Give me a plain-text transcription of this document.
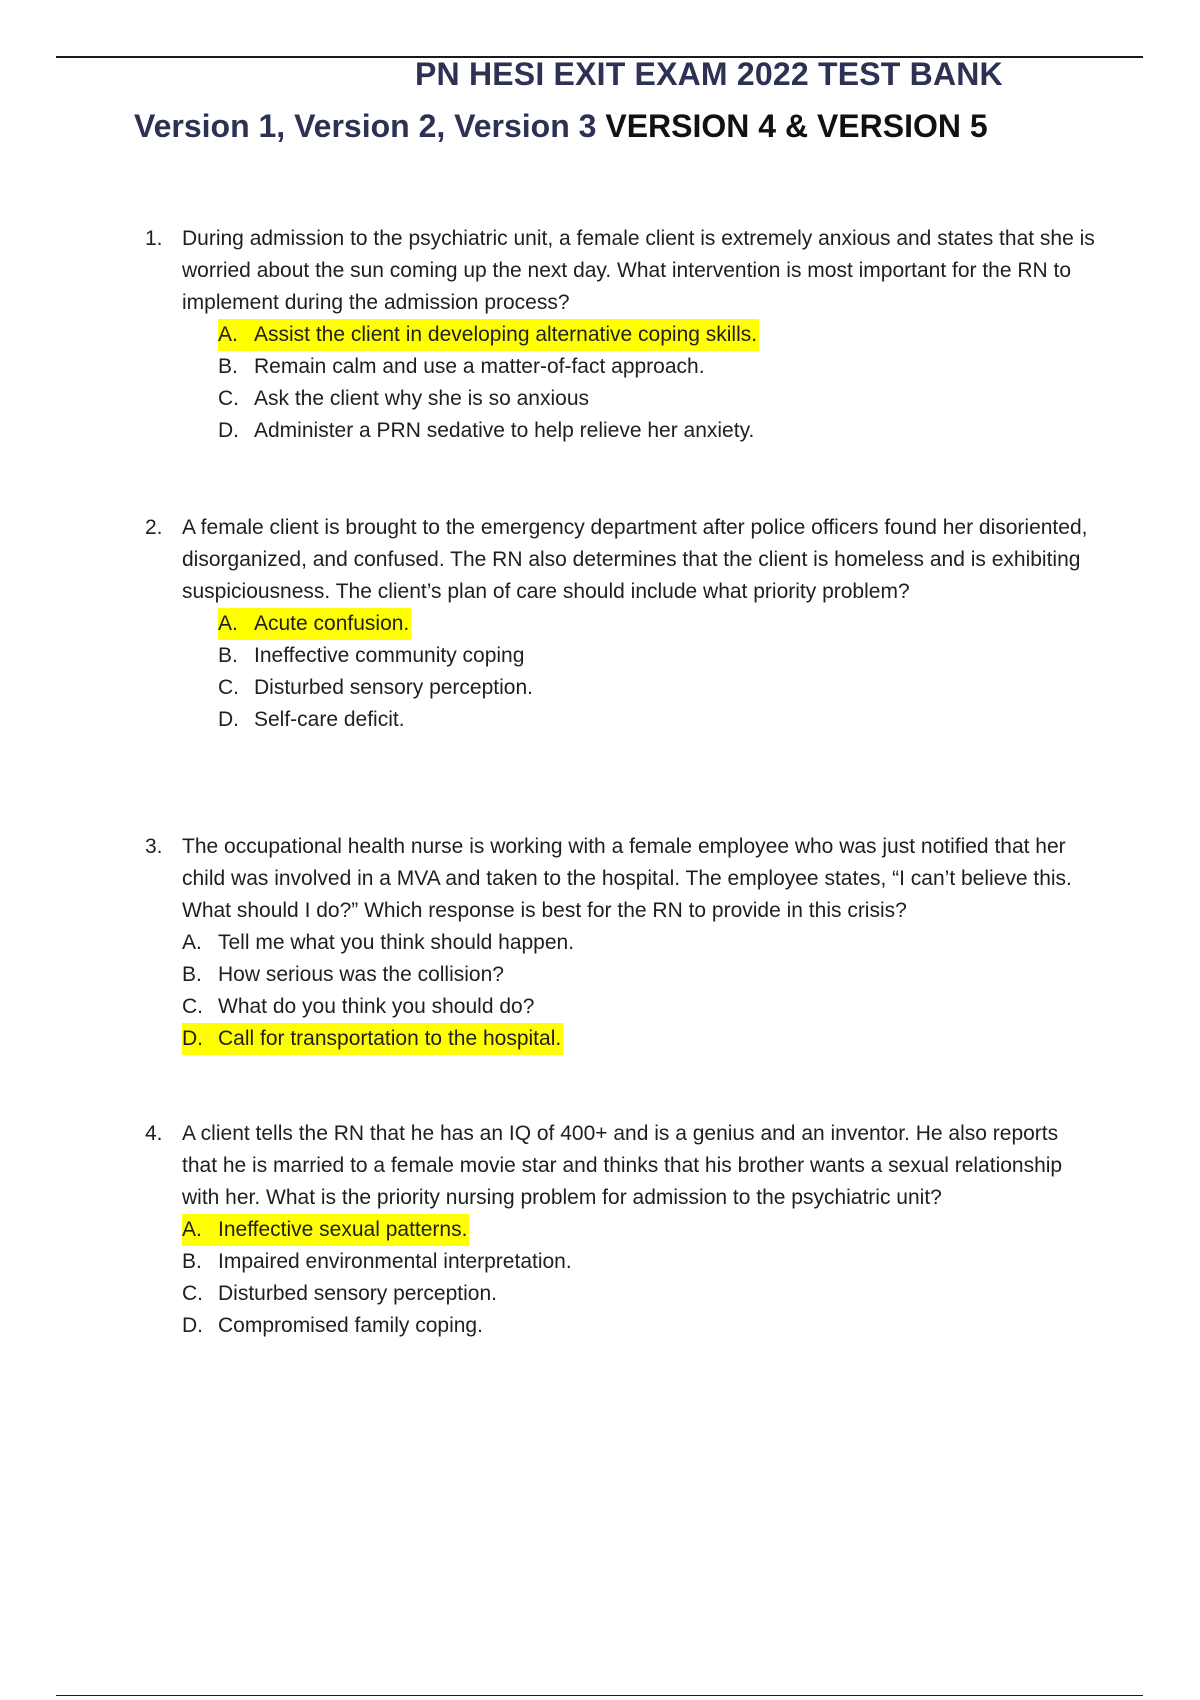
PN HESI EXIT EXAM 2022 TEST BANK
Version 1, Version 2, Version 3 VERSION 4 & VERSION 5
1. During admission to the psychiatric unit, a female client is extremely anxious and states that she is worried about the sun coming up the next day. What intervention is most important for the RN to implement during the admission process?
A. Assist the client in developing alternative coping skills.
B. Remain calm and use a matter-of-fact approach.
C. Ask the client why she is so anxious
D. Administer a PRN sedative to help relieve her anxiety.
2. A female client is brought to the emergency department after police officers found her disoriented, disorganized, and confused. The RN also determines that the client is homeless and is exhibiting suspiciousness. The client’s plan of care should include what priority problem?
A. Acute confusion.
B. Ineffective community coping
C. Disturbed sensory perception.
D. Self-care deficit.
3. The occupational health nurse is working with a female employee who was just notified that her child was involved in a MVA and taken to the hospital. The employee states, “I can’t believe this. What should I do?” Which response is best for the RN to provide in this crisis?
A. Tell me what you think should happen.
B. How serious was the collision?
C. What do you think you should do?
D. Call for transportation to the hospital.
4. A client tells the RN that he has an IQ of 400+ and is a genius and an inventor. He also reports that he is married to a female movie star and thinks that his brother wants a sexual relationship with her. What is the priority nursing problem for admission to the psychiatric unit?
A. Ineffective sexual patterns.
B. Impaired environmental interpretation.
C. Disturbed sensory perception.
D. Compromised family coping.
